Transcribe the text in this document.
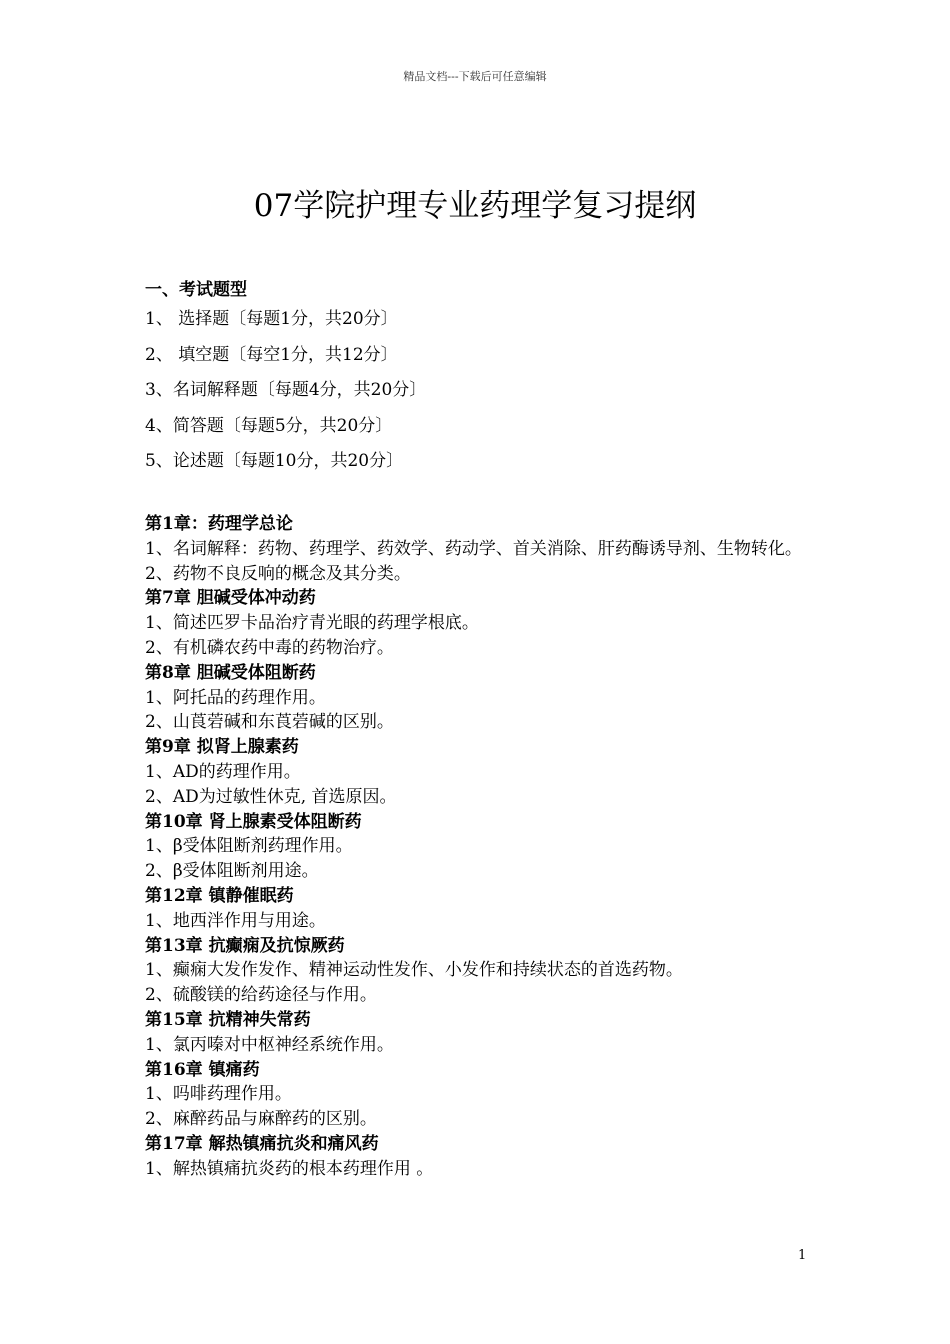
精品文档---下载后可任意编辑
07学院护理专业药理学复习提纲
一、考试题型
1、 选择题〔每题1分，共20分〕
2、 填空题〔每空1分，共12分〕
3、名词解释题〔每题4分，共20分〕
4、简答题〔每题5分，共20分〕
5、论述题〔每题10分，共20分〕
第1章：药理学总论
1、名词解释：药物、药理学、药效学、药动学、首关消除、肝药酶诱导剂、生物转化。
2、药物不良反响的概念及其分类。
第7章 胆碱受体冲动药
1、简述匹罗卡品治疗青光眼的药理学根底。
2、有机磷农药中毒的药物治疗。
第8章 胆碱受体阻断药
1、阿托品的药理作用。
2、山莨菪碱和东莨菪碱的区别。
第9章 拟肾上腺素药
1、AD的药理作用。
2、AD为过敏性休克, 首选原因。
第10章 肾上腺素受体阻断药
1、β受体阻断剂药理作用。
2、β受体阻断剂用途。
第12章 镇静催眠药
1、地西泮作用与用途。
第13章 抗癫痫及抗惊厥药
1、癫痫大发作发作、精神运动性发作、小发作和持续状态的首选药物。
2、硫酸镁的给药途径与作用。
第15章 抗精神失常药
1、氯丙嗪对中枢神经系统作用。
第16章 镇痛药
1、吗啡药理作用。
2、麻醉药品与麻醉药的区别。
第17章 解热镇痛抗炎和痛风药
1、解热镇痛抗炎药的根本药理作用 。
1
